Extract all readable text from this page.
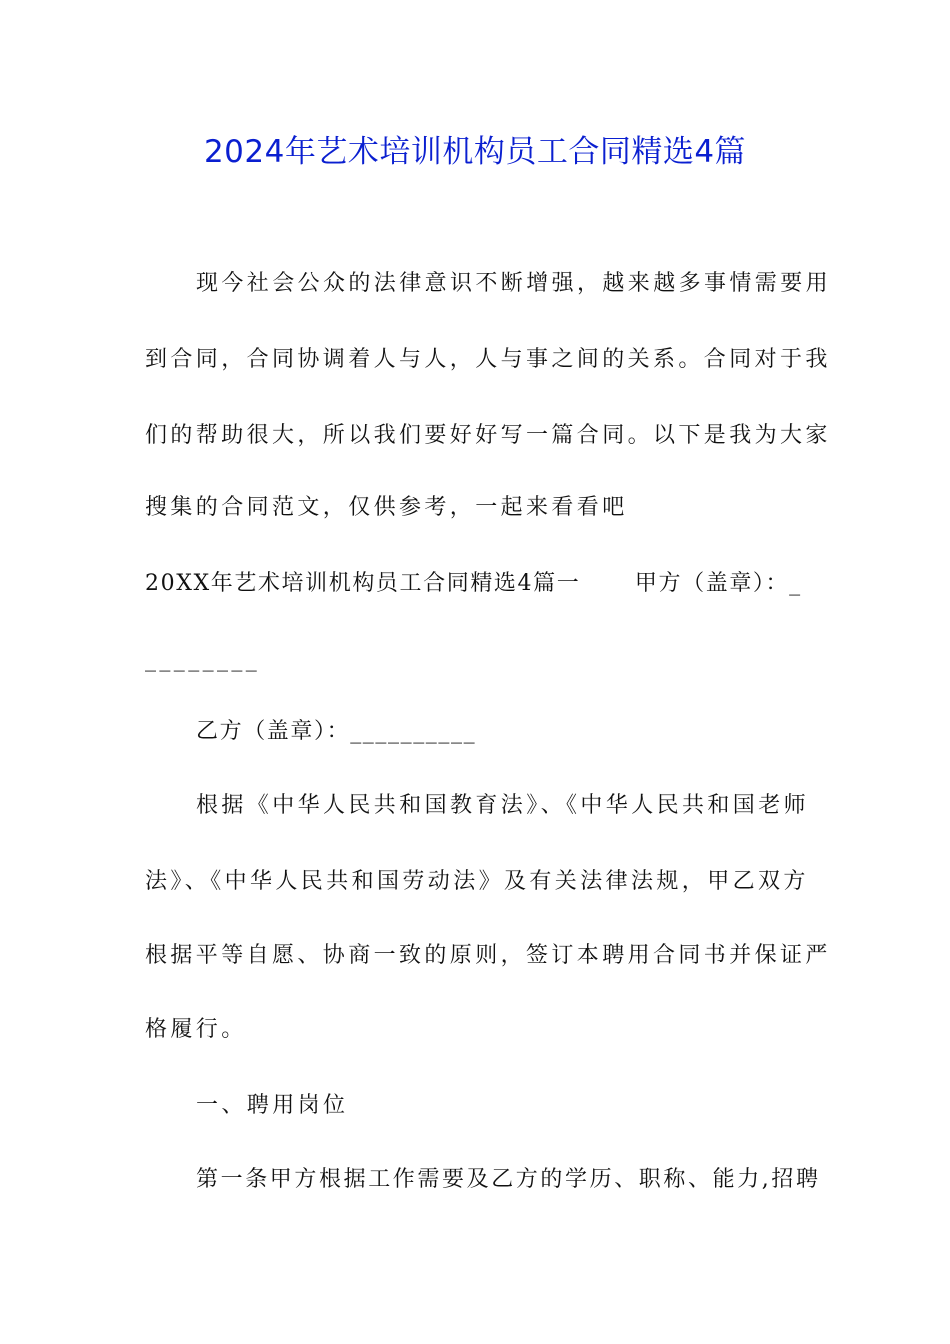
2024年艺术培训机构员工合同精选4篇
现今社会公众的法律意识不断增强，越来越多事情需要用
到合同，合同协调着人与人，人与事之间的关系。合同对于我
们的帮助很大，所以我们要好好写一篇合同。以下是我为大家
搜集的合同范文，仅供参考，一起来看看吧
20XX年艺术培训机构员工合同精选4篇一 甲方（盖章）：_
________
乙方（盖章）：__________
根据《中华人民共和国教育法》、《中华人民共和国老师
法》、《中华人民共和国劳动法》及有关法律法规，甲乙双方
根据平等自愿、协商一致的原则，签订本聘用合同书并保证严
格履行。
一、聘用岗位
第一条甲方根据工作需要及乙方的学历、职称、能力,招聘
